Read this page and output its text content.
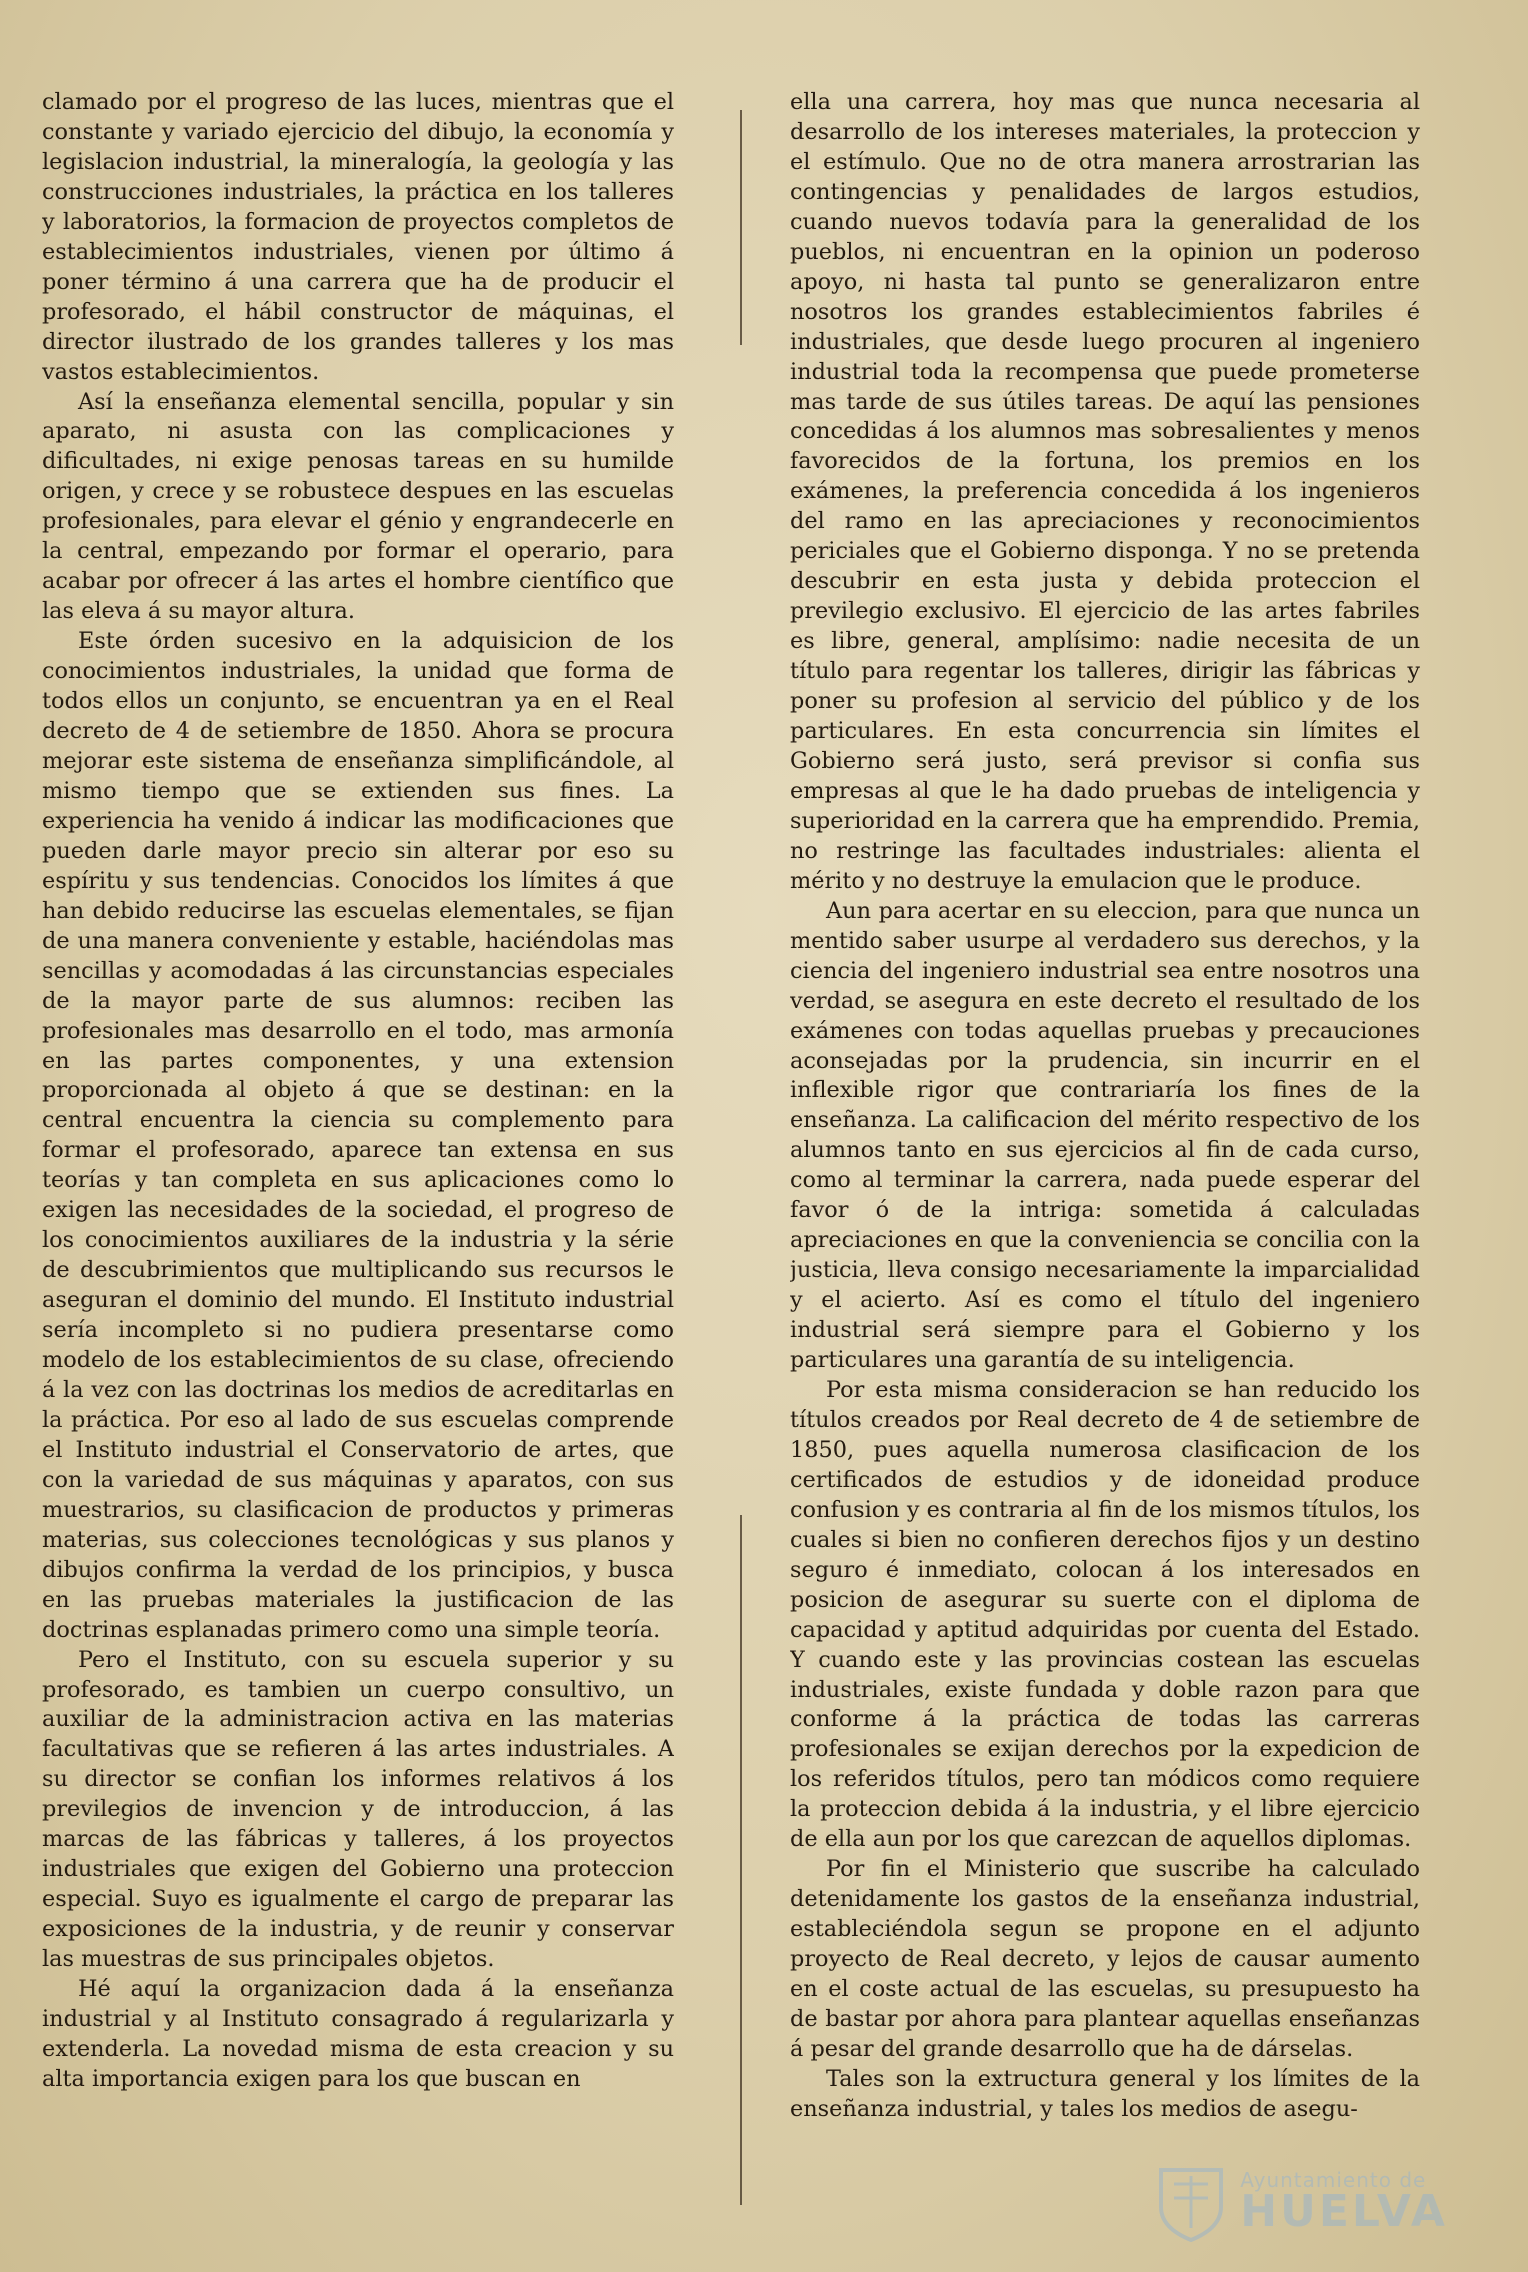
clamado por el progreso de las luces, mientras que el constante y variado ejercicio del dibujo, la economía y legislacion industrial, la mineralogía, la geología y las construcciones industriales, la práctica en los talleres y laboratorios, la formacion de proyectos completos de establecimientos industriales, vienen por último á poner término á una carrera que ha de producir el profesorado, el hábil constructor de máquinas, el director ilustrado de los grandes talleres y los mas vastos establecimientos.

Así la enseñanza elemental sencilla, popular y sin aparato, ni asusta con las complicaciones y dificultades, ni exige penosas tareas en su humilde origen, y crece y se robustece despues en las escuelas profesionales, para elevar el génio y engrandecerle en la central, empezando por formar el operario, para acabar por ofrecer á las artes el hombre científico que las eleva á su mayor altura.

Este órden sucesivo en la adquisicion de los conocimientos industriales, la unidad que forma de todos ellos un conjunto, se encuentran ya en el Real decreto de 4 de setiembre de 1850. Ahora se procura mejorar este sistema de enseñanza simplificándole, al mismo tiempo que se extienden sus fines. La experiencia ha venido á indicar las modificaciones que pueden darle mayor precio sin alterar por eso su espíritu y sus tendencias. Conocidos los límites á que han debido reducirse las escuelas elementales, se fijan de una manera conveniente y estable, haciéndolas mas sencillas y acomodadas á las circunstancias especiales de la mayor parte de sus alumnos: reciben las profesionales mas desarrollo en el todo, mas armonía en las partes componentes, y una extension proporcionada al objeto á que se destinan: en la central encuentra la ciencia su complemento para formar el profesorado, aparece tan extensa en sus teorías y tan completa en sus aplicaciones como lo exigen las necesidades de la sociedad, el progreso de los conocimientos auxiliares de la industria y la série de descubrimientos que multiplicando sus recursos le aseguran el dominio del mundo. El Instituto industrial sería incompleto si no pudiera presentarse como modelo de los establecimientos de su clase, ofreciendo á la vez con las doctrinas los medios de acreditarlas en la práctica. Por eso al lado de sus escuelas comprende el Instituto industrial el Conservatorio de artes, que con la variedad de sus máquinas y aparatos, con sus muestrarios, su clasificacion de productos y primeras materias, sus colecciones tecnológicas y sus planos y dibujos confirma la verdad de los principios, y busca en las pruebas materiales la justificacion de las doctrinas esplanadas primero como una simple teoría.

Pero el Instituto, con su escuela superior y su profesorado, es tambien un cuerpo consultivo, un auxiliar de la administracion activa en las materias facultativas que se refieren á las artes industriales. A su director se confian los informes relativos á los previlegios de invencion y de introduccion, á las marcas de las fábricas y talleres, á los proyectos industriales que exigen del Gobierno una proteccion especial. Suyo es igualmente el cargo de preparar las exposiciones de la industria, y de reunir y conservar las muestras de sus principales objetos.

Hé aquí la organizacion dada á la enseñanza industrial y al Instituto consagrado á regularizarla y extenderla. La novedad misma de esta creacion y su alta importancia exigen para los que buscan en

ella una carrera, hoy mas que nunca necesaria al desarrollo de los intereses materiales, la proteccion y el estímulo. Que no de otra manera arrostrarian las contingencias y penalidades de largos estudios, cuando nuevos todavía para la generalidad de los pueblos, ni encuentran en la opinion un poderoso apoyo, ni hasta tal punto se generalizaron entre nosotros los grandes establecimientos fabriles é industriales, que desde luego procuren al ingeniero industrial toda la recompensa que puede prometerse mas tarde de sus útiles tareas. De aquí las pensiones concedidas á los alumnos mas sobresalientes y menos favorecidos de la fortuna, los premios en los exámenes, la preferencia concedida á los ingenieros del ramo en las apreciaciones y reconocimientos periciales que el Gobierno disponga. Y no se pretenda descubrir en esta justa y debida proteccion el previlegio exclusivo. El ejercicio de las artes fabriles es libre, general, amplísimo: nadie necesita de un título para regentar los talleres, dirigir las fábricas y poner su profesion al servicio del público y de los particulares. En esta concurrencia sin límites el Gobierno será justo, será previsor si confia sus empresas al que le ha dado pruebas de inteligencia y superioridad en la carrera que ha emprendido. Premia, no restringe las facultades industriales: alienta el mérito y no destruye la emulacion que le produce.

Aun para acertar en su eleccion, para que nunca un mentido saber usurpe al verdadero sus derechos, y la ciencia del ingeniero industrial sea entre nosotros una verdad, se asegura en este decreto el resultado de los exámenes con todas aquellas pruebas y precauciones aconsejadas por la prudencia, sin incurrir en el inflexible rigor que contrariaría los fines de la enseñanza. La calificacion del mérito respectivo de los alumnos tanto en sus ejercicios al fin de cada curso, como al terminar la carrera, nada puede esperar del favor ó de la intriga: sometida á calculadas apreciaciones en que la conveniencia se concilia con la justicia, lleva consigo necesariamente la imparcialidad y el acierto. Así es como el título del ingeniero industrial será siempre para el Gobierno y los particulares una garantía de su inteligencia.

Por esta misma consideracion se han reducido los títulos creados por Real decreto de 4 de setiembre de 1850, pues aquella numerosa clasificacion de los certificados de estudios y de idoneidad produce confusion y es contraria al fin de los mismos títulos, los cuales si bien no confieren derechos fijos y un destino seguro é inmediato, colocan á los interesados en posicion de asegurar su suerte con el diploma de capacidad y aptitud adquiridas por cuenta del Estado. Y cuando este y las provincias costean las escuelas industriales, existe fundada y doble razon para que conforme á la práctica de todas las carreras profesionales se exijan derechos por la expedicion de los referidos títulos, pero tan módicos como requiere la proteccion debida á la industria, y el libre ejercicio de ella aun por los que carezcan de aquellos diplomas.

Por fin el Ministerio que suscribe ha calculado detenidamente los gastos de la enseñanza industrial, estableciéndola segun se propone en el adjunto proyecto de Real decreto, y lejos de causar aumento en el coste actual de las escuelas, su presupuesto ha de bastar por ahora para plantear aquellas enseñanzas á pesar del grande desarrollo que ha de dárselas.

Tales son la extructura general y los límites de la enseñanza industrial, y tales los medios de asegu-

Ayuntamiento de
HUELVA
